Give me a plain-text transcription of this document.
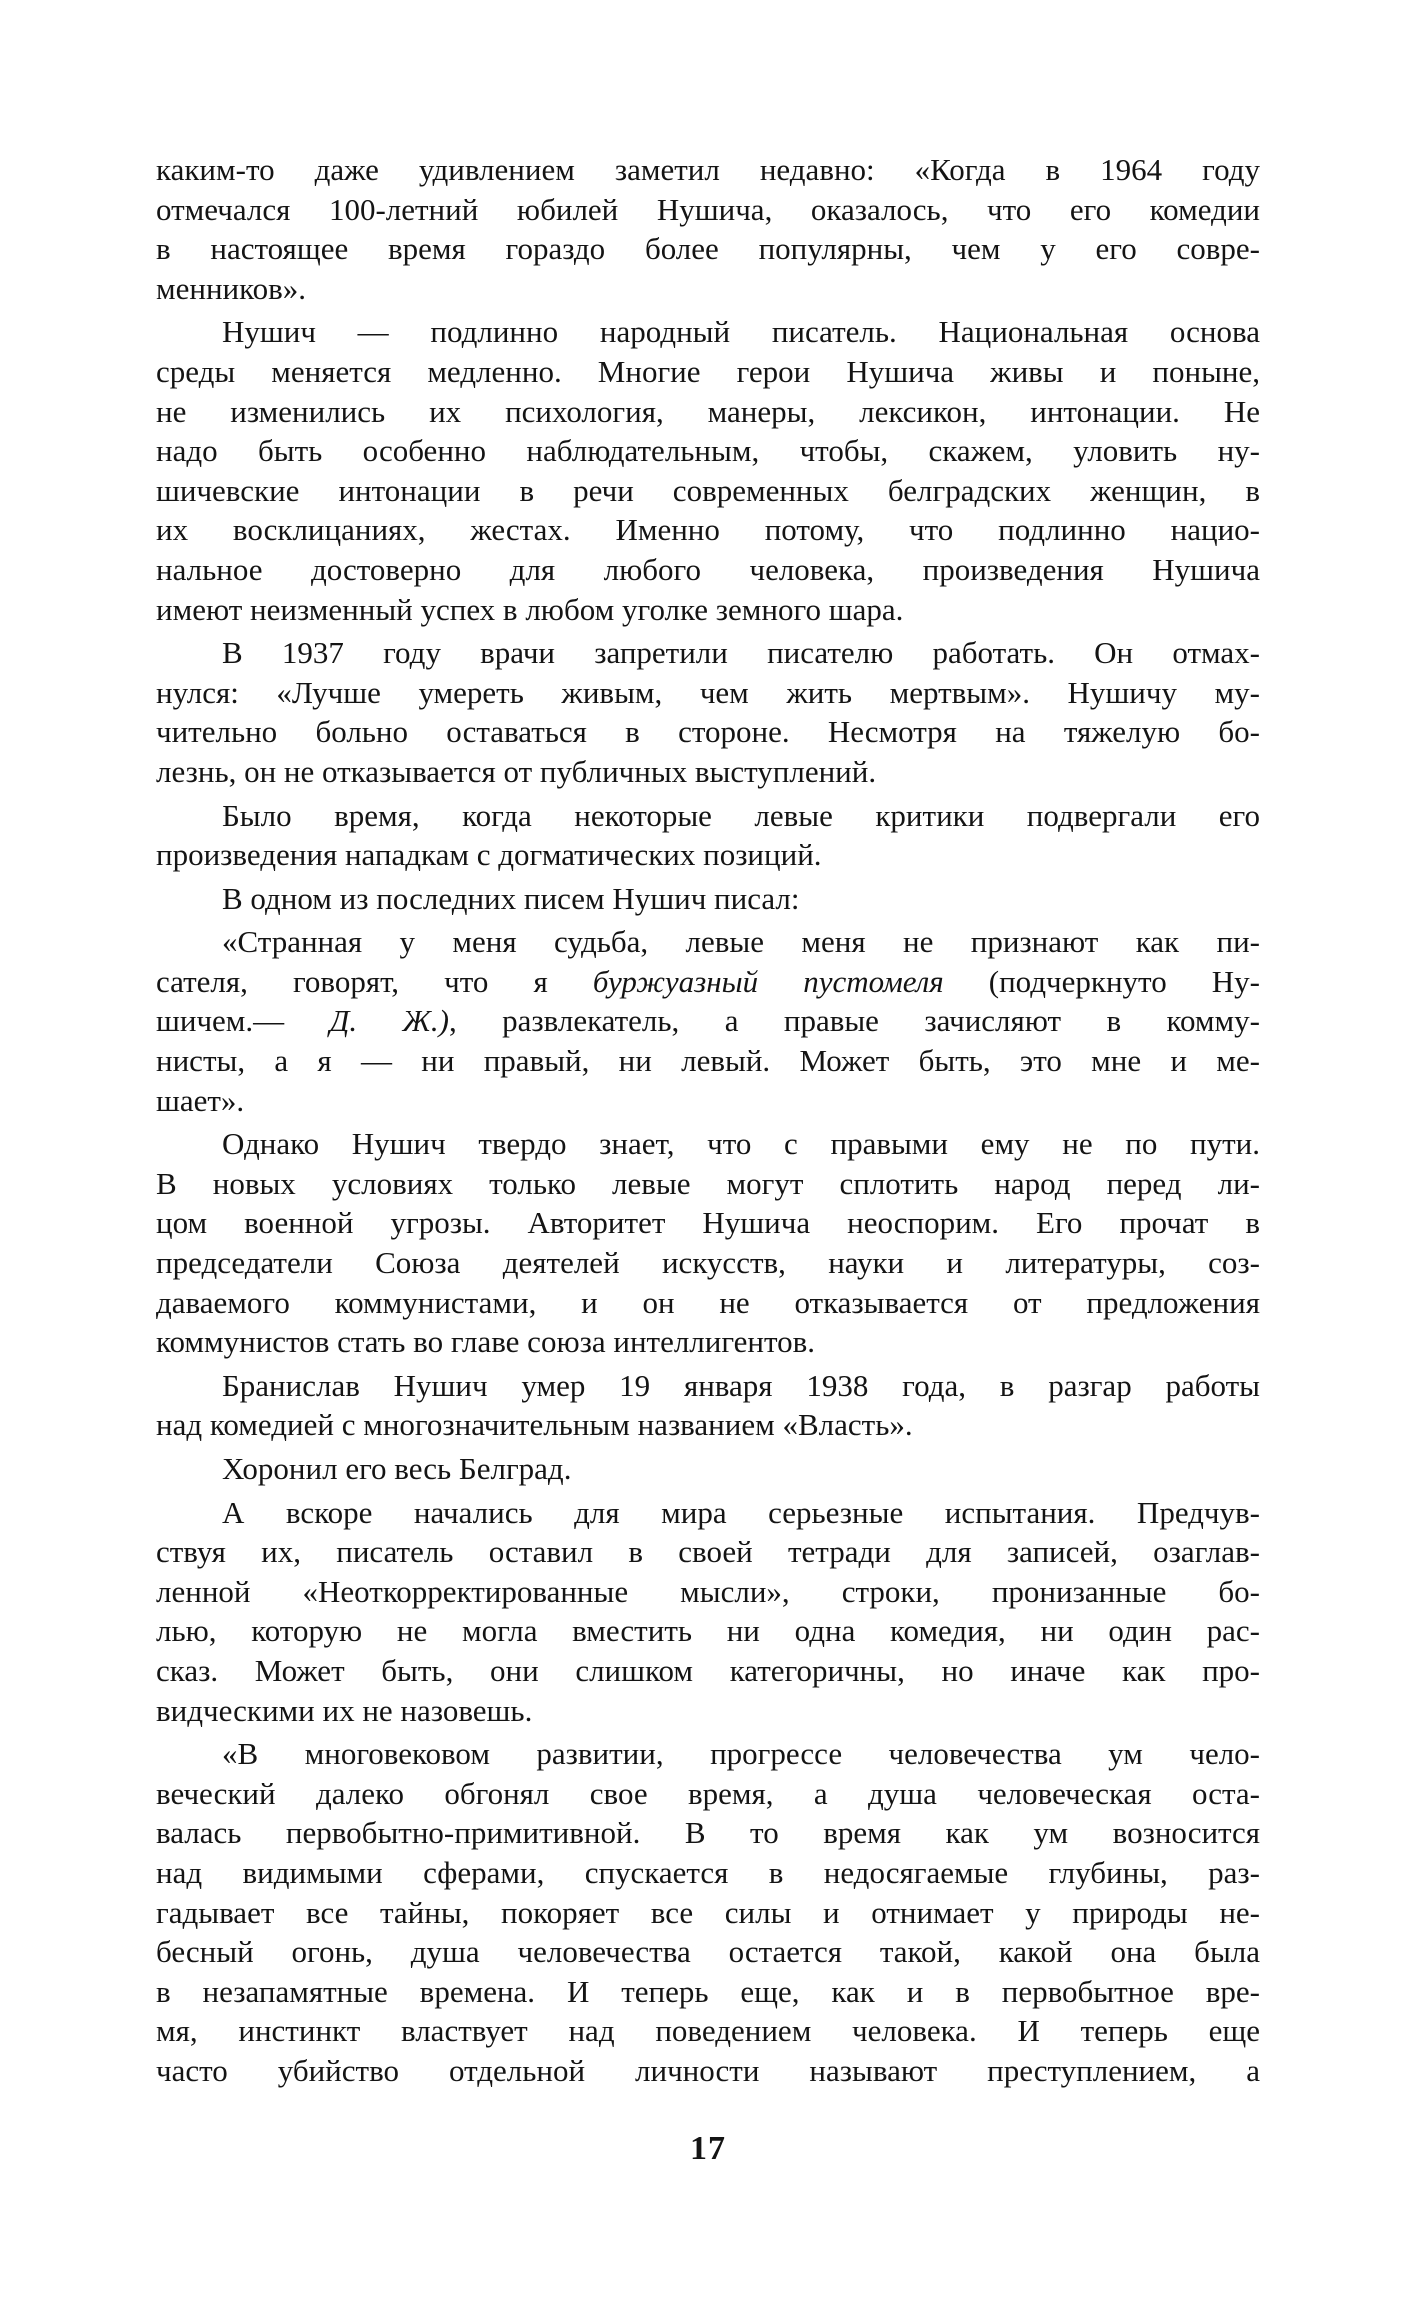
каким-то даже удивлением заметил недавно: «Когда в 1964 году
отмечался 100-летний юбилей Нушича, оказалось, что его комедии
в настоящее время гораздо более популярны, чем у его совре-
менников».
Нушич — подлинно народный писатель. Национальная основа
среды меняется медленно. Многие герои Нушича живы и поныне,
не изменились их психология, манеры, лексикон, интонации. Не
надо быть особенно наблюдательным, чтобы, скажем, уловить ну-
шичевские интонации в речи современных белградских женщин, в
их восклицаниях, жестах. Именно потому, что подлинно нацио-
нальное достоверно для любого человека, произведения Нушича
имеют неизменный успех в любом уголке земного шара.
В 1937 году врачи запретили писателю работать. Он отмах-
нулся: «Лучше умереть живым, чем жить мертвым». Нушичу му-
чительно больно оставаться в стороне. Несмотря на тяжелую бо-
лезнь, он не отказывается от публичных выступлений.
Было время, когда некоторые левые критики подвергали его
произведения нападкам с догматических позиций.
В одном из последних писем Нушич писал:
«Странная у меня судьба, левые меня не признают как пи-
сателя, говорят, что я буржуазный пустомеля (подчеркнуто Ну-
шичем.— Д. Ж.), развлекатель, а правые зачисляют в комму-
нисты, а я — ни правый, ни левый. Может быть, это мне и ме-
шает».
Однако Нушич твердо знает, что с правыми ему не по пути.
В новых условиях только левые могут сплотить народ перед ли-
цом военной угрозы. Авторитет Нушича неоспорим. Его прочат в
председатели Союза деятелей искусств, науки и литературы, соз-
даваемого коммунистами, и он не отказывается от предложения
коммунистов стать во главе союза интеллигентов.
Бранислав Нушич умер 19 января 1938 года, в разгар работы
над комедией с многозначительным названием «Власть».
Хоронил его весь Белград.
А вскоре начались для мира серьезные испытания. Предчув-
ствуя их, писатель оставил в своей тетради для записей, озаглав-
ленной «Неоткорректированные мысли», строки, пронизанные бо-
лью, которую не могла вместить ни одна комедия, ни один рас-
сказ. Может быть, они слишком категоричны, но иначе как про-
видческими их не назовешь.
«В многовековом развитии, прогрессе человечества ум чело-
веческий далеко обгонял свое время, а душа человеческая оста-
валась первобытно-примитивной. В то время как ум возносится
над видимыми сферами, спускается в недосягаемые глубины, раз-
гадывает все тайны, покоряет все силы и отнимает у природы не-
бесный огонь, душа человечества остается такой, какой она была
в незапамятные времена. И теперь еще, как и в первобытное вре-
мя, инстинкт властвует над поведением человека. И теперь еще
часто убийство отдельной личности называют преступлением, а
17
